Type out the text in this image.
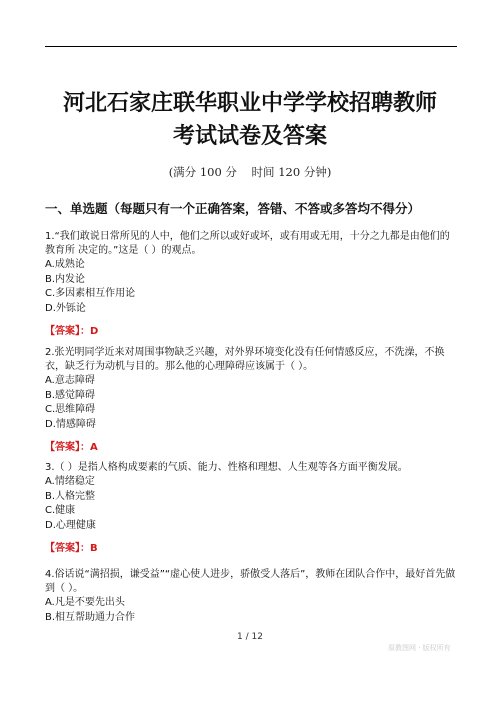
河北石家庄联华职业中学学校招聘教师
考试试卷及答案
(满分 100 分    时间 120 分钟)
一、单选题（每题只有一个正确答案，答错、不答或多答均不得分）

1.“我们敢说日常所见的人中，他们之所以或好或坏，或有用或无用，十分之九都是由他们的教育所 决定的。”这是（ ）的观点。

A.成熟论

B.内发论

C.多因素相互作用论

D.外铄论

【答案】：D

2.张光明同学近来对周围事物缺乏兴趣，对外界环境变化没有任何情感反应，不洗澡，不换衣，缺乏行为动机与目的。那么他的心理障碍应该属于（ ）。

A.意志障碍

B.感觉障碍

C.思维障碍

D.情感障碍

【答案】：A

3.（ ）是指人格构成要素的气质、能力、性格和理想、人生观等各方面平衡发展。

A.情绪稳定

B.人格完整

C.健康

D.心理健康

【答案】：B

4.俗话说“满招损，谦受益”“虚心使人进步，骄傲受人落后”，教师在团队合作中，最好首先做到（ ）。

A.凡是不要先出头

B.相互帮助通力合作

1 / 12
原教图网 · 版权所有
